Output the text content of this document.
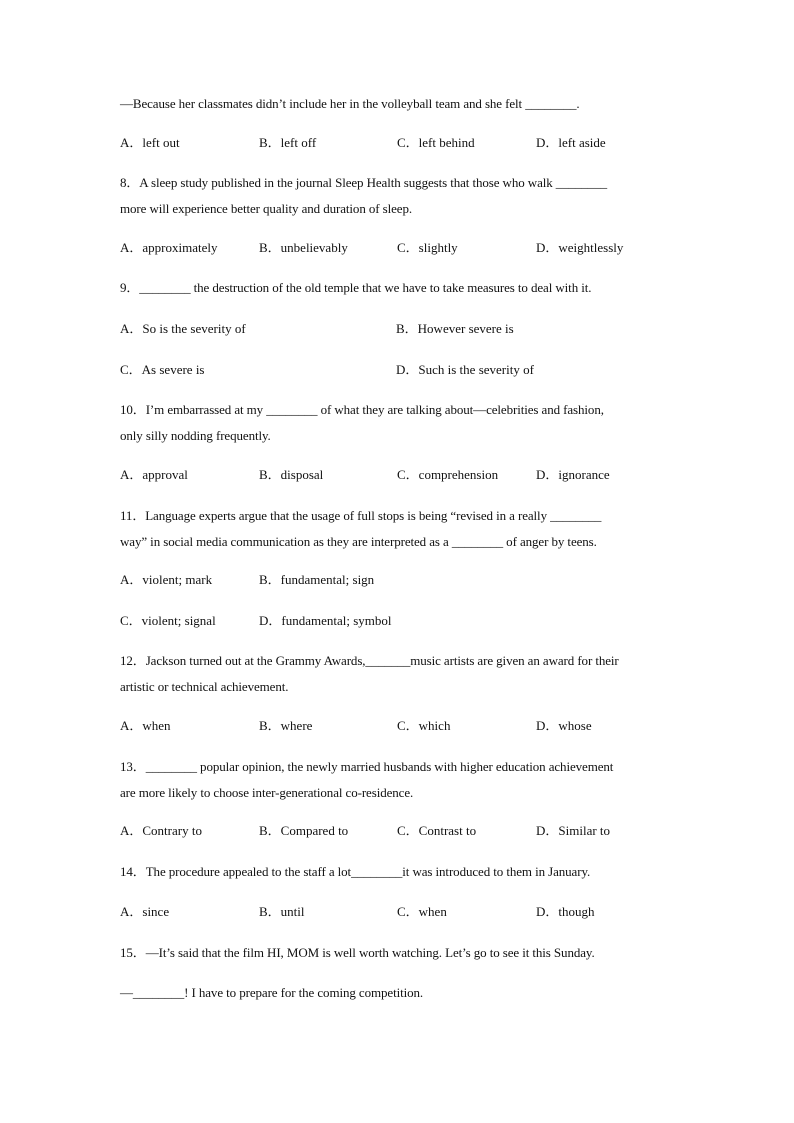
—Because her classmates didn’t include her in the volleyball team and she felt ________.
A．left out	B．left off	C．left behind	D．left aside
8．A sleep study published in the journal Sleep Health suggests that those who walk ________
more will experience better quality and duration of sleep.
A．approximately	B．unbelievably	C．slightly	D．weightlessly
9．________ the destruction of the old temple that we have to take measures to deal with it.
A．So is the severity of	B．However severe is
C．As severe is	D．Such is the severity of
10．I’m embarrassed at my ________ of what they are talking about—celebrities and fashion,
only silly nodding frequently.
A．approval	B．disposal	C．comprehension	D．ignorance
11．Language experts argue that the usage of full stops is being “revised in a really ________
way” in social media communication as they are interpreted as a ________ of anger by teens.
A．violent; mark	B．fundamental; sign
C．violent; signal	D．fundamental; symbol
12．Jackson turned out at the Grammy Awards,_______music artists are given an award for their
artistic or technical achievement.
A．when	B．where	C．which	D．whose
13．________ popular opinion, the newly married husbands with higher education achievement
are more likely to choose inter-generational co-residence.
A．Contrary to	B．Compared to	C．Contrast to	D．Similar to
14．The procedure appealed to the staff a lot________it was introduced to them in January.
A．since	B．until	C．when	D．though
15．—It’s said that the film HI, MOM is well worth watching. Let’s go to see it this Sunday.
—________! I have to prepare for the coming competition.
